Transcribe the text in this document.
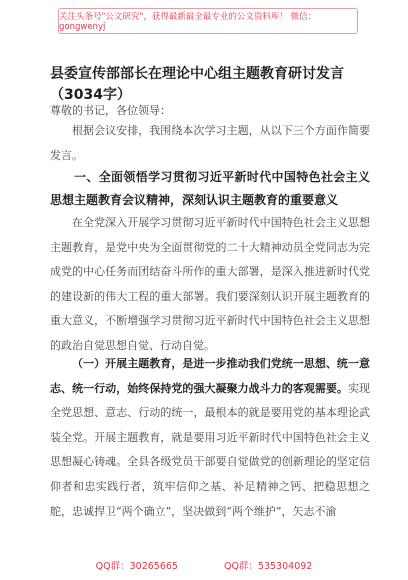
关注头条号"公文研究"，获得最新最全最专业的公文资料库！ 微信：gongwenyj
县委宣传部部长在理论中心组主题教育研讨发言（3034字）
尊敬的书记，各位领导：
根据会议安排，我围绕本次学习主题，从以下三个方面作简要发言。
一、全面领悟学习贯彻习近平新时代中国特色社会主义思想主题教育会议精神，深刻认识主题教育的重要意义
在全党深入开展学习贯彻习近平新时代中国特色社会主义思想主题教育，是党中央为全面贯彻党的二十大精神动员全党同志为完成党的中心任务而团结奋斗所作的重大部署，是深入推进新时代党的建设新的伟大工程的重大部署。我们要深刻认识开展主题教育的重大意义，不断增强学习贯彻习近平新时代中国特色社会主义思想的政治自觉思想自觉、行动自觉。
（一）开展主题教育，是进一步推动我们党统一思想、统一意志、统一行动，始终保持党的强大凝聚力战斗力的客观需要。实现全党思想、意志、行动的统一，最根本的就是要用党的基本理论武装全党。开展主题教育，就是要用习近平新时代中国特色社会主义思想凝心铸魂。全县各级党员干部要自觉做党的创新理论的坚定信仰者和忠实践行者，筑牢信仰之基、补足精神之钙、把稳思想之舵，忠诚捍卫“两个确立”，坚决做到“两个维护”，矢志不渝
QQ群：30265665	QQ群：535304092
